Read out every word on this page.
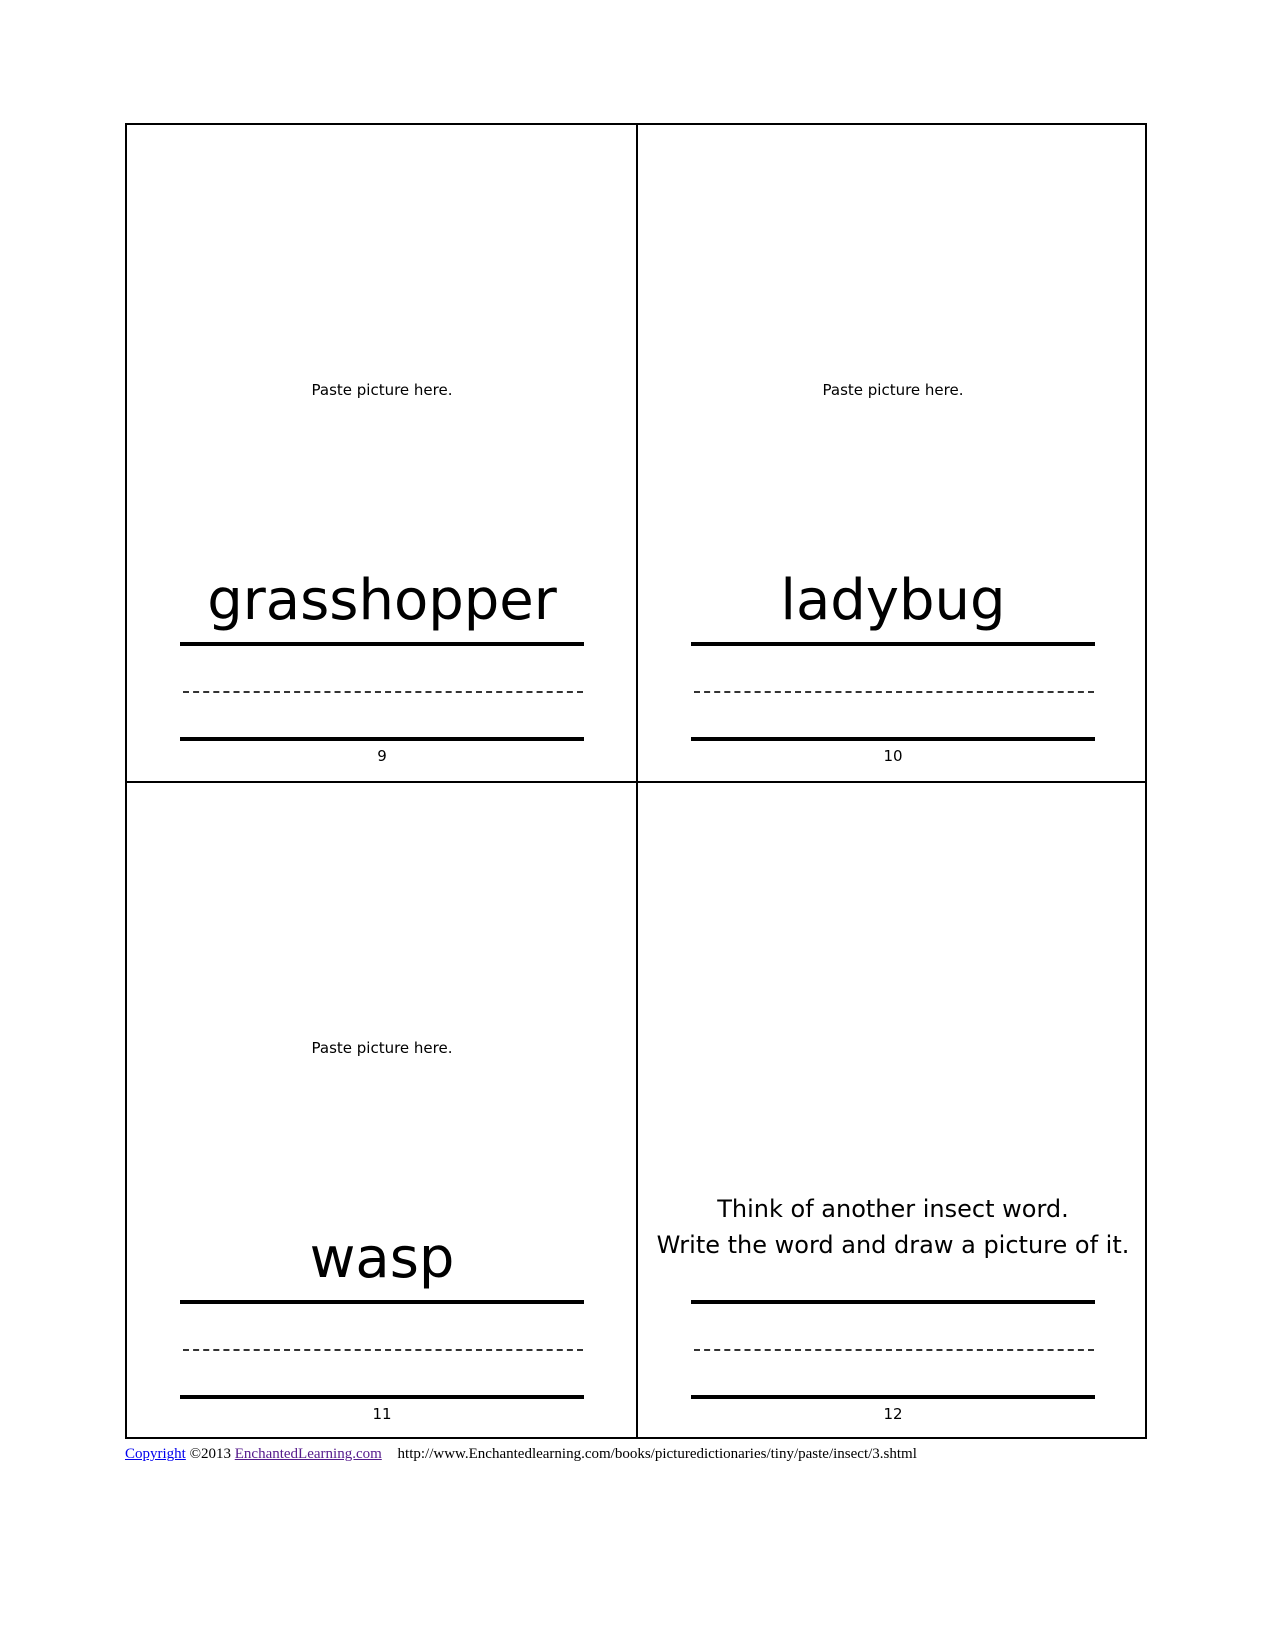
Paste picture here.
grasshopper
9
Paste picture here.
ladybug
10
Paste picture here.
wasp
11
Think of another insect word.
Write the word and draw a picture of it.
12
Copyright ©2013 EnchantedLearning.com http://www.Enchantedlearning.com/books/picturedictionaries/tiny/paste/insect/3.shtml
